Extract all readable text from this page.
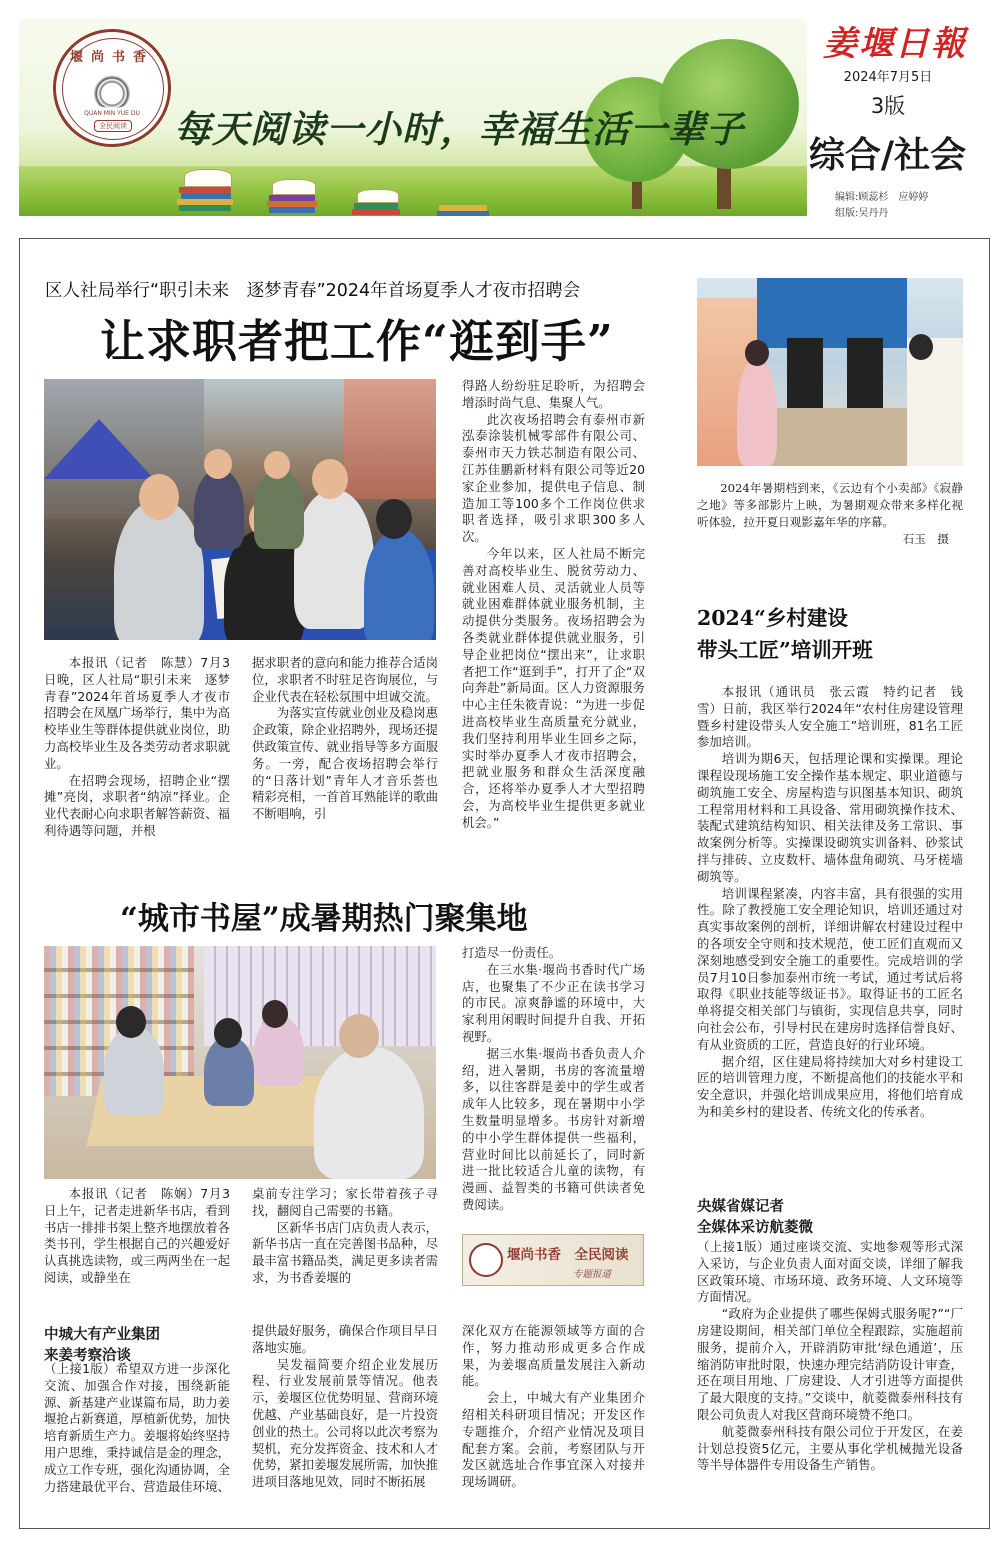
堰尚书香
QUAN MIN YUE DU
全民阅读 每天阅读一小时，幸福生活一辈子
姜堰日報
2024年7月5日
3版
综合/社会
编辑:顾蕊杉　应婷婷
组版:吴丹丹
区人社局举行“职引未来　逐梦青春”2024年首场夏季人才夜市招聘会
让求职者把工作“逛到手”

本报讯（记者　陈慧）7月3日晚，区人社局“职引未来　逐梦青春”2024年首场夏季人才夜市招聘会在凤凰广场举行，集中为高校毕业生等群体提供就业岗位，助力高校毕业生及各类劳动者求职就业。

在招聘会现场，招聘企业“摆摊”亮岗，求职者“纳凉”择业。企业代表耐心向求职者解答薪资、福利待遇等问题，并根

据求职者的意向和能力推荐合适岗位，求职者不时驻足咨询展位，与企业代表在轻松氛围中坦诚交流。

为落实宣传就业创业及稳岗惠企政策，除企业招聘外，现场还提供政策宣传、就业指导等多方面服务。一旁，配合夜场招聘会举行的“日落计划”青年人才音乐荟也精彩亮相，一首首耳熟能详的歌曲不断唱响，引

得路人纷纷驻足聆听，为招聘会增添时尚气息、集聚人气。

此次夜场招聘会有泰州市新泓泰涂装机械零部件有限公司、泰州市天力铁芯制造有限公司、江苏佳鹏新材料有限公司等近20家企业参加，提供电子信息、制造加工等100多个工作岗位供求职者选择，吸引求职300多人次。

今年以来，区人社局不断完善对高校毕业生、脱贫劳动力、就业困难人员、灵活就业人员等就业困难群体就业服务机制，主动提供分类服务。夜场招聘会为各类就业群体提供就业服务，引导企业把岗位“摆出来”，让求职者把工作“逛到手”，打开了企“双向奔赴”新局面。区人力资源服务中心主任朱筱青说：“为进一步促进高校毕业生高质量充分就业，我们坚持利用毕业生回乡之际，实时举办夏季人才夜市招聘会，把就业服务和群众生活深度融合，还将举办夏季人才大型招聘会，为高校毕业生提供更多就业机会。”

2024年暑期档到来，《云边有个小卖部》《寂静之地》等多部影片上映，为暑期观众带来多样化视听体验，拉开夏日观影嘉年华的序幕。
石玉　摄
2024“乡村建设
带头工匠”培训开班

本报讯（通讯员　张云霞　特约记者　钱雪）日前，我区举行2024年“农村住房建设管理暨乡村建设带头人安全施工”培训班，81名工匠参加培训。

培训为期6天，包括理论课和实操课。理论课程设现场施工安全操作基本规定、职业道德与砌筑施工安全、房屋构造与识图基本知识、砌筑工程常用材料和工具设备、常用砌筑操作技术、装配式建筑结构知识、相关法律及务工常识、事故案例分析等。实操课设砌筑实训备料、砂浆试拌与排砖、立皮数杆、墙体盘角砌筑、马牙槎墙砌筑等。

培训课程紧凑，内容丰富，具有很强的实用性。除了教授施工安全理论知识，培训还通过对真实事故案例的剖析，详细讲解农村建设过程中的各项安全守则和技术规范，使工匠们直观而又深刻地感受到安全施工的重要性。完成培训的学员7月10日参加泰州市统一考试，通过考试后将取得《职业技能等级证书》。取得证书的工匠名单将提交相关部门与镇街，实现信息共享，同时向社会公布，引导村民在建房时选择信誉良好、有从业资质的工匠，营造良好的行业环境。

据介绍，区住建局将持续加大对乡村建设工匠的培训管理力度，不断提高他们的技能水平和安全意识，并强化培训成果应用，将他们培育成为和美乡村的建设者、传统文化的传承者。

央媒省媒记者
全媒体采访航菱微

（上接1版）通过座谈交流、实地参观等形式深入采访，与企业负责人面对面交谈，详细了解我区政策环境、市场环境、政务环境、人文环境等方面情况。

“政府为企业提供了哪些保姆式服务呢?”“厂房建设期间，相关部门单位全程跟踪，实施超前服务，提前介入，开辟消防审批‘绿色通道’，压缩消防审批时限，快速办理完结消防设计审查，还在项目用地、厂房建设、人才引进等方面提供了最大限度的支持。”交谈中，航菱微泰州科技有限公司负责人对我区营商环境赞不绝口。

航菱微泰州科技有限公司位于开发区，在姜计划总投资5亿元，主要从事化学机械抛光设备等半导体器件专用设备生产销售。

“城市书屋”成暑期热门聚集地

本报讯（记者　陈娴）7月3日上午，记者走进新华书店，看到书店一排排书架上整齐地摆放着各类书刊，学生根据自己的兴趣爱好认真挑选读物，或三两两坐在一起阅读，或静坐在

桌前专注学习；家长带着孩子寻找，翻阅自己需要的书籍。

区新华书店门店负责人表示，新华书店一直在完善图书品种，尽最丰富书籍品类，满足更多读者需求，为书香姜堰的

打造尽一份责任。

在三水集·堰尚书香时代广场店，也聚集了不少正在读书学习的市民。凉爽静谧的环境中，大家利用闲暇时间提升自我、开拓视野。

据三水集·堰尚书香负责人介绍，进入暑期，书房的客流量增多，以往客群是姜中的学生或者成年人比较多，现在暑期中小学生数量明显增多。书房针对新增的中小学生群体提供一些福利，营业时间比以前延长了，同时新进一批比较适合儿童的读物，有漫画、益智类的书籍可供读者免费阅读。

堰尚书香　全民阅读
专题报道
中城大有产业集团
来姜考察洽谈

（上接1版）希望双方进一步深化交流、加强合作对接，围绕新能源、新基建产业谋篇布局，助力姜堰抢占新赛道，厚植新优势，加快培育新质生产力。姜堰将始终坚持用户思维，秉持诚信是金的理念，成立工作专班，强化沟通协调，全力搭建最优平台、营造最佳环境、

提供最好服务，确保合作项目早日落地实施。

吴发福简要介绍企业发展历程、行业发展前景等情况。他表示，姜堰区位优势明显、营商环境优越、产业基础良好，是一片投资创业的热土。公司将以此次考察为契机，充分发挥资金、技术和人才优势，紧扣姜堰发展所需，加快推进项目落地见效，同时不断拓展

深化双方在能源领域等方面的合作，努力推动形成更多合作成果，为姜堰高质量发展注入新动能。

会上，中城大有产业集团介绍相关科研项目情况；开发区作专题推介，介绍产业情况及项目配套方案。会前，考察团队与开发区就选址合作事宜深入对接并现场调研。
